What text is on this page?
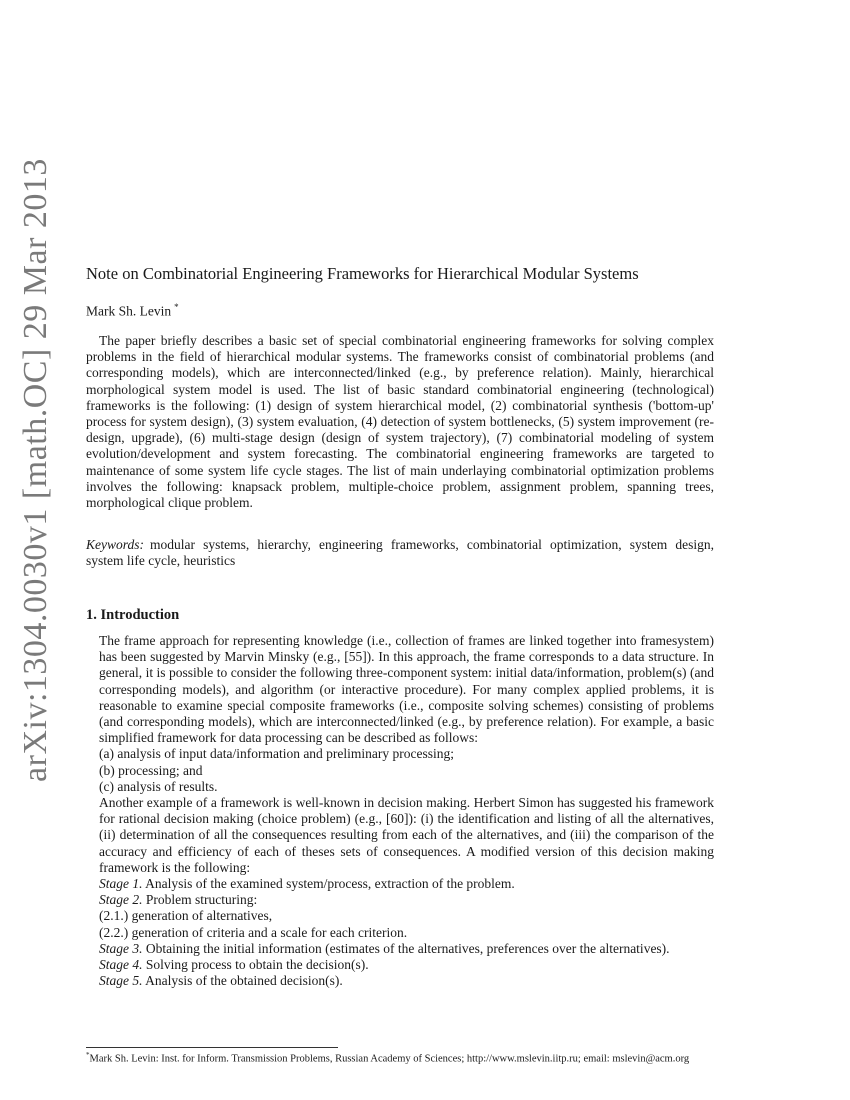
arXiv:1304.0030v1 [math.OC] 29 Mar 2013 Note on Combinatorial Engineering Frameworks for Hierarchical Modular Systems
Mark Sh. Levin *
The paper briefly describes a basic set of special combinatorial engineering frameworks for solving complex problems in the field of hierarchical modular systems. The frameworks consist of combinatorial problems (and corresponding models), which are interconnected/linked (e.g., by preference relation). Mainly, hierarchical morphological system model is used. The list of basic standard combinatorial engineering (technological) frameworks is the following: (1) design of system hierarchical model, (2) combinatorial synthesis ('bottom-up' process for system design), (3) system evaluation, (4) detection of system bottlenecks, (5) system improvement (re-design, upgrade), (6) multi-stage design (design of system trajectory), (7) combinatorial modeling of system evolution/development and system forecasting. The combinatorial engineering frameworks are targeted to maintenance of some system life cycle stages. The list of main underlaying combinatorial optimization problems involves the following: knapsack problem, multiple-choice problem, assignment problem, spanning trees, morphological clique problem.
Keywords: modular systems, hierarchy, engineering frameworks, combinatorial optimization, system design, system life cycle, heuristics
1. Introduction
The frame approach for representing knowledge (i.e., collection of frames are linked together into framesystem) has been suggested by Marvin Minsky (e.g., [55]). In this approach, the frame corresponds to a data structure. In general, it is possible to consider the following three-component system: initial data/information, problem(s) (and corresponding models), and algorithm (or interactive procedure). For many complex applied problems, it is reasonable to examine special composite frameworks (i.e., composite solving schemes) consisting of problems (and corresponding models), which are interconnected/linked (e.g., by preference relation). For example, a basic simplified framework for data processing can be described as follows:
(a) analysis of input data/information and preliminary processing;
(b) processing; and
(c) analysis of results.
Another example of a framework is well-known in decision making. Herbert Simon has suggested his framework for rational decision making (choice problem) (e.g., [60]): (i) the identification and listing of all the alternatives, (ii) determination of all the consequences resulting from each of the alternatives, and (iii) the comparison of the accuracy and efficiency of each of theses sets of consequences. A modified version of this decision making framework is the following:
Stage 1. Analysis of the examined system/process, extraction of the problem.
Stage 2. Problem structuring:
(2.1.) generation of alternatives,
(2.2.) generation of criteria and a scale for each criterion.
Stage 3. Obtaining the initial information (estimates of the alternatives, preferences over the alternatives).
Stage 4. Solving process to obtain the decision(s).
Stage 5. Analysis of the obtained decision(s).
*Mark Sh. Levin: Inst. for Inform. Transmission Problems, Russian Academy of Sciences; http://www.mslevin.iitp.ru; email: mslevin@acm.org
